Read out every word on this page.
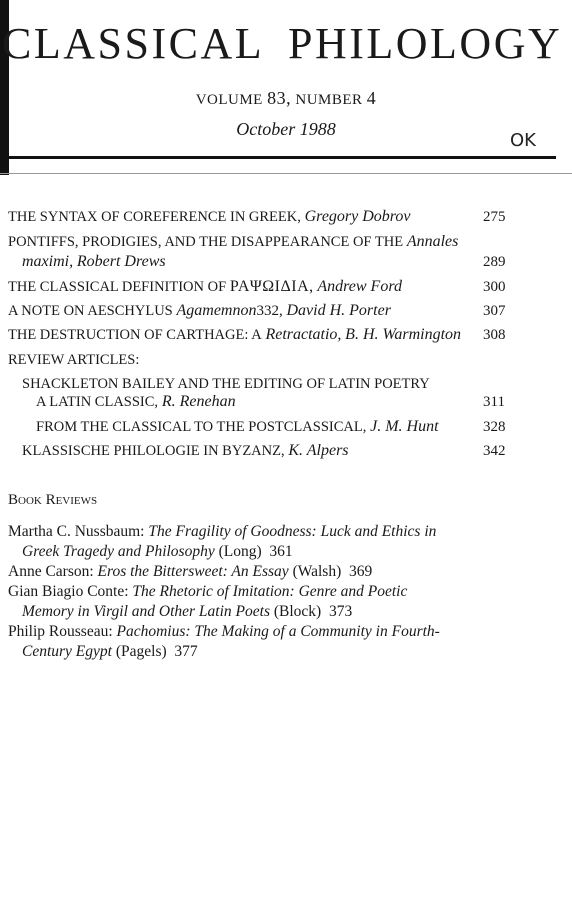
CLASSICAL PHILOLOGY
VOLUME 83, NUMBER 4
October 1988
OK
THE SYNTAX OF COREFERENCE IN GREEK, Gregory Dobrov	275
PONTIFFS, PRODIGIES, AND THE DISAPPEARANCE OF THE Annales
maximi, Robert Drews	289
THE CLASSICAL DEFINITION OF ΡΑΨΩΙΔΙΑ, Andrew Ford	300
A NOTE ON AESCHYLUS Agamemnon332, David H. Porter	307
THE DESTRUCTION OF CARTHAGE: A Retractatio, B. H. Warmington 308
REVIEW ARTICLES:
SHACKLETON BAILEY AND THE EDITING OF LATIN POETRY
A LATIN CLASSIC, R. Renehan	311
FROM THE CLASSICAL TO THE POSTCLASSICAL, J. M. Hunt	328
KLASSISCHE PHILOLOGIE IN BYZANZ, K. Alpers	342
Book Reviews
Martha C. Nussbaum: The Fragility of Goodness: Luck and Ethics in
Greek Tragedy and Philosophy (Long) 361
Anne Carson: Eros the Bittersweet: An Essay (Walsh) 369
Gian Biagio Conte: The Rhetoric of Imitation: Genre and Poetic
Memory in Virgil and Other Latin Poets (Block) 373
Philip Rousseau: Pachomius: The Making of a Community in Fourth-
Century Egypt (Pagels) 377
